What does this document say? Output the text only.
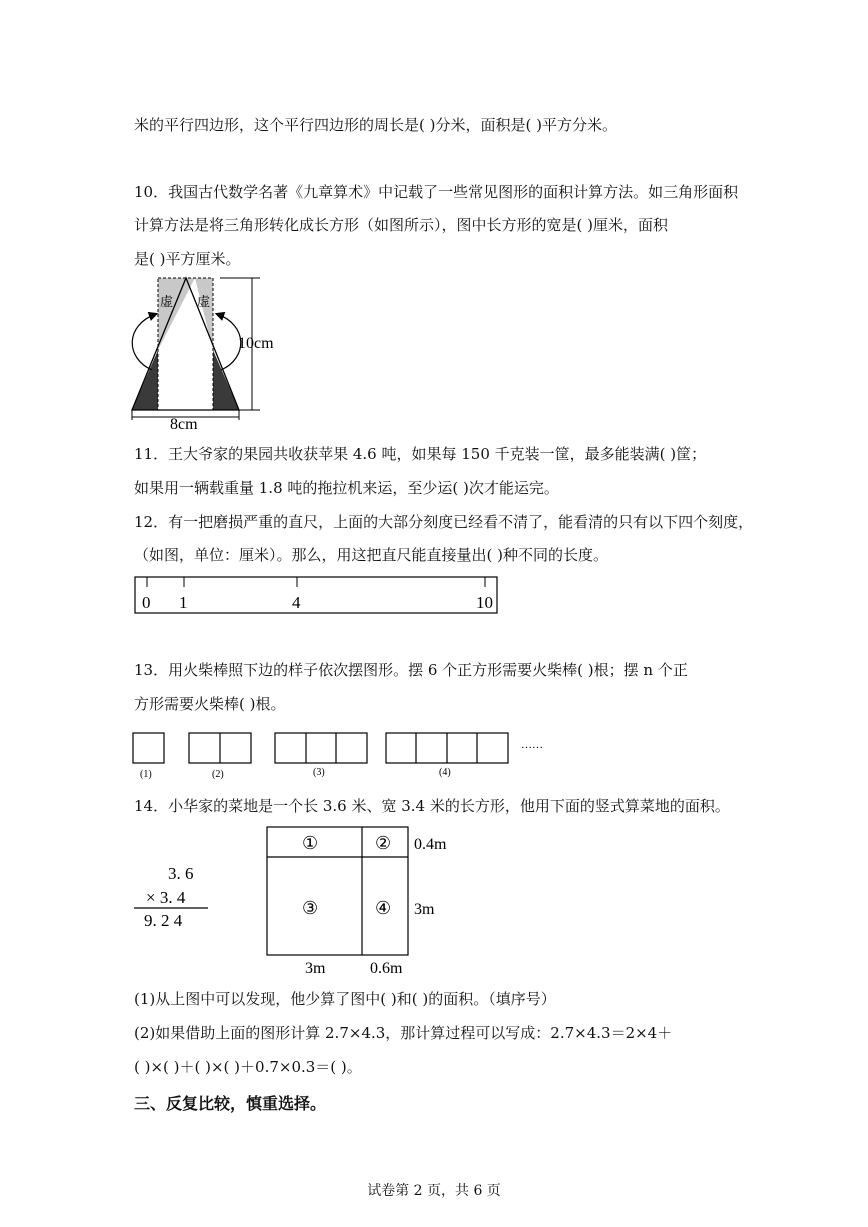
米的平行四边形，这个平行四边形的周长是( )分米，面积是( )平方分米。
10．我国古代数学名著《九章算术》中记载了一些常见图形的面积计算方法。如三角形面积
计算方法是将三角形转化成长方形（如图所示），图中长方形的宽是( )厘米，面积
是( )平方厘米。
虚 虚
10cm
8cm
11．王大爷家的果园共收获苹果 4.6 吨，如果每 150 千克装一筐，最多能装满( )筐；
如果用一辆载重量 1.8 吨的拖拉机来运，至少运( )次才能运完。
12．有一把磨损严重的直尺，上面的大部分刻度已经看不清了，能看清的只有以下四个刻度，
（如图，单位：厘米）。那么，用这把直尺能直接量出( )种不同的长度。
0 1	4	10
13．用火柴棒照下边的样子依次摆图形。摆 6 个正方形需要火柴棒( )根；摆 n 个正
方形需要火柴棒( )根。
……
(1)	(2)	(3)	(4)
14．小华家的菜地是一个长 3.6 米、宽 3.4 米的长方形，他用下面的竖式算菜地的面积。
3. 6
× 3. 4
9. 2 4
①	②
③	④
0.4m
3m
3m	0.6m
(1)从上图中可以发现，他少算了图中( )和( )的面积。（填序号）
(2)如果借助上面的图形计算 2.7×4.3，那计算过程可以写成：2.7×4.3＝2×4＋
( )×( )＋( )×( )＋0.7×0.3＝( )。
三、反复比较，慎重选择。
试卷第 2 页，共 6 页
